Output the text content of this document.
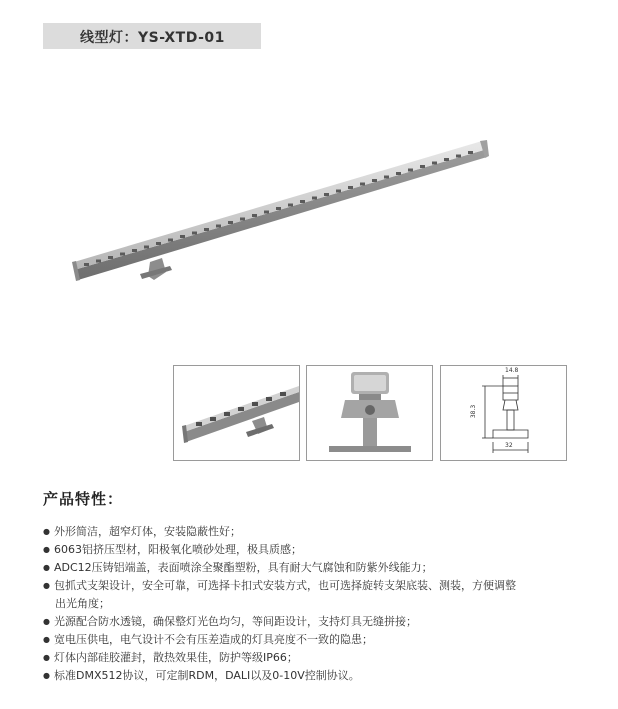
线型灯：YS-XTD-01
14.8
38.3
32
产品特性：
● 外形简洁，超窄灯体，安装隐蔽性好；
● 6063铝挤压型材，阳极氧化喷砂处理，极具质感；
● ADC12压铸铝端盖，表面喷涂全聚酯塑粉，具有耐大气腐蚀和防紫外线能力；
● 包抓式支架设计，安全可靠，可选择卡扣式安装方式，也可选择旋转支架底装、测装，方便调整
出光角度；
● 光源配合防水透镜，确保整灯光色均匀，等间距设计，支持灯具无缝拼接；
● 宽电压供电，电气设计不会有压差造成的灯具亮度不一致的隐患；
● 灯体内部硅胶灌封，散热效果佳，防护等级IP66；
● 标准DMX512协议，可定制RDM，DALI以及0-10V控制协议。
